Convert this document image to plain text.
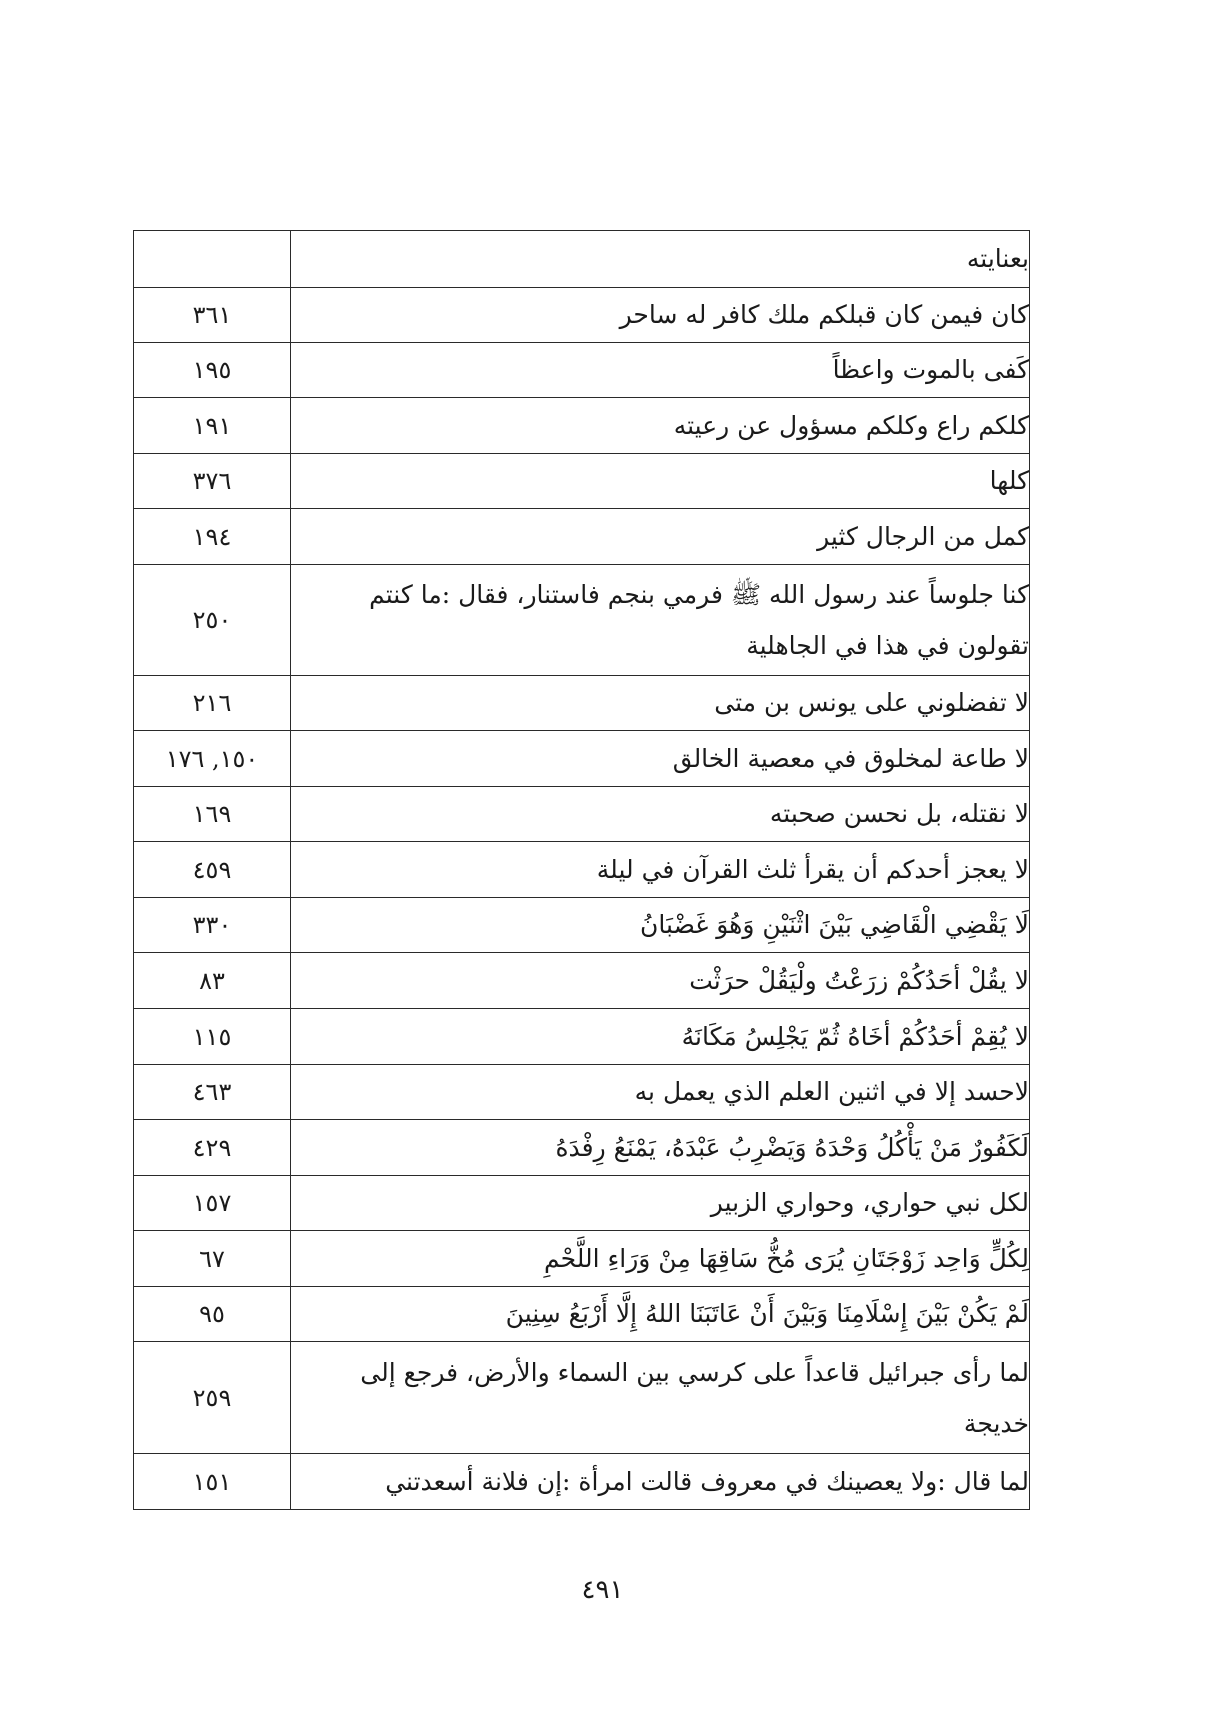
	بعنايته
٣٦١	كان فيمن كان قبلكم ملك كافر له ساحر
١٩٥	كَفى بالموت واعظاً
١٩١	كلكم راع وكلكم مسؤول عن رعيته
٣٧٦	كلها
١٩٤	كمل من الرجال كثير
٢٥٠	كنا جلوساً عند رسول الله ﷺ فرمي بنجم فاستنار، فقال :ما كنتم تقولون في هذا في الجاهلية
٢١٦	لا تفضلوني على يونس بن متى
١٥٠, ١٧٦	لا طاعة لمخلوق في معصية الخالق
١٦٩	لا نقتله، بل نحسن صحبته
٤٥٩	لا يعجز أحدكم أن يقرأ ثلث القرآن في ليلة
٣٣٠	لَا يَقْضِي الْقَاضِي بَيْنَ اثْنَيْنِ وَهُوَ غَضْبَانُ
٨٣	لا يقُلْ أحَدُكُمْ زرَعْتُ ولْيَقُلْ حرَثْت
١١٥	لا يُقِمْ أحَدُكُمْ أخَاهُ ثُمّ يَجْلِسُ مَكَانَهُ
٤٦٣	لاحسد إلا في اثنين العلم الذي يعمل به
٤٢٩	لَكَفُورٌ مَنْ يَأْكُلُ وَحْدَهُ وَيَضْرِبُ عَبْدَهُ، يَمْنَعُ رِفْدَهُ
١٥٧	لكل نبي حواري، وحواري الزبير
٦٧	لِكُلٍّ وَاحِد زَوْجَتَانِ يُرَى مُخُّ سَاقِهَا مِنْ وَرَاءِ اللَّحْمِ
٩٥	لَمْ يَكُنْ بَيْنَ إِسْلَامِنَا وَبَيْنَ أَنْ عَاتَبَنَا اللهُ إِلَّا أَرْبَعُ سِنِينَ
٢٥٩	لما رأى جبرائيل قاعداً على كرسي بين السماء والأرض، فرجع إلى خديجة
١٥١	لما قال :ولا يعصينك في معروف قالت امرأة :إن فلانة أسعدتني
٤٩١
